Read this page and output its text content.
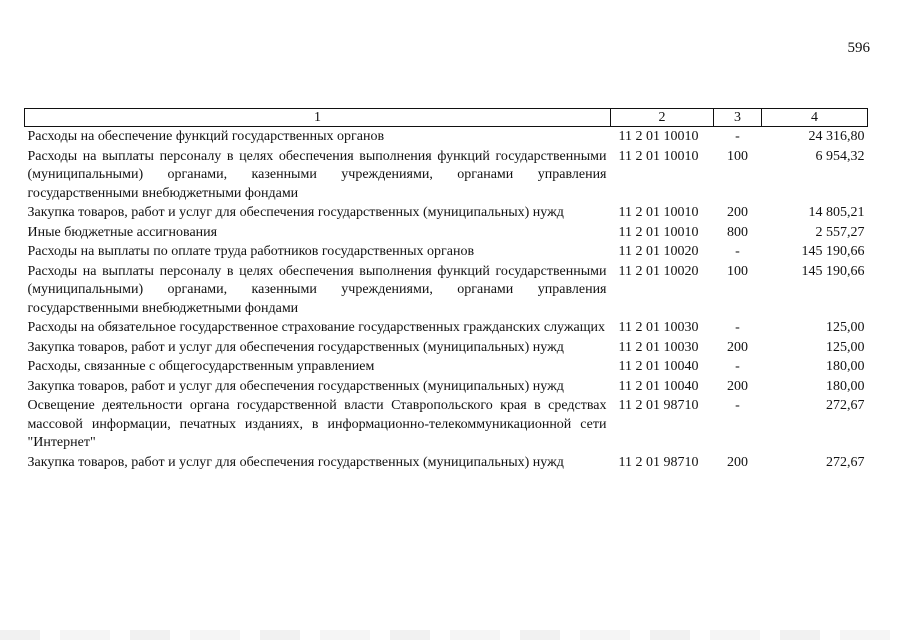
596
1	2	3	4
Расходы на обеспечение функций государственных органов	11 2 01 10010	-	24 316,80
Расходы на выплаты персоналу в целях обеспечения выполнения функций государственными (муниципальными) органами, казенными учреждениями, органами управления государственными внебюджетными фондами	11 2 01 10010	100	6 954,32
Закупка товаров, работ и услуг для обеспечения государственных (муниципальных) нужд	11 2 01 10010	200	14 805,21
Иные бюджетные ассигнования	11 2 01 10010	800	2 557,27
Расходы на выплаты по оплате труда работников государственных органов	11 2 01 10020	-	145 190,66
Расходы на выплаты персоналу в целях обеспечения выполнения функций государственными (муниципальными) органами, казенными учреждениями, органами управления государственными внебюджетными фондами	11 2 01 10020	100	145 190,66
Расходы на обязательное государственное страхование государственных гражданских служащих	11 2 01 10030	-	125,00
Закупка товаров, работ и услуг для обеспечения государственных (муниципальных) нужд	11 2 01 10030	200	125,00
Расходы, связанные с общегосударственным управлением	11 2 01 10040	-	180,00
Закупка товаров, работ и услуг для обеспечения государственных (муниципальных) нужд	11 2 01 10040	200	180,00
Освещение деятельности органа государственной власти Ставропольского края в средствах массовой информации, печатных изданиях, в информационно-телекоммуникационной сети "Интернет"	11 2 01 98710	-	272,67
Закупка товаров, работ и услуг для обеспечения государственных (муниципальных) нужд	11 2 01 98710	200	272,67
